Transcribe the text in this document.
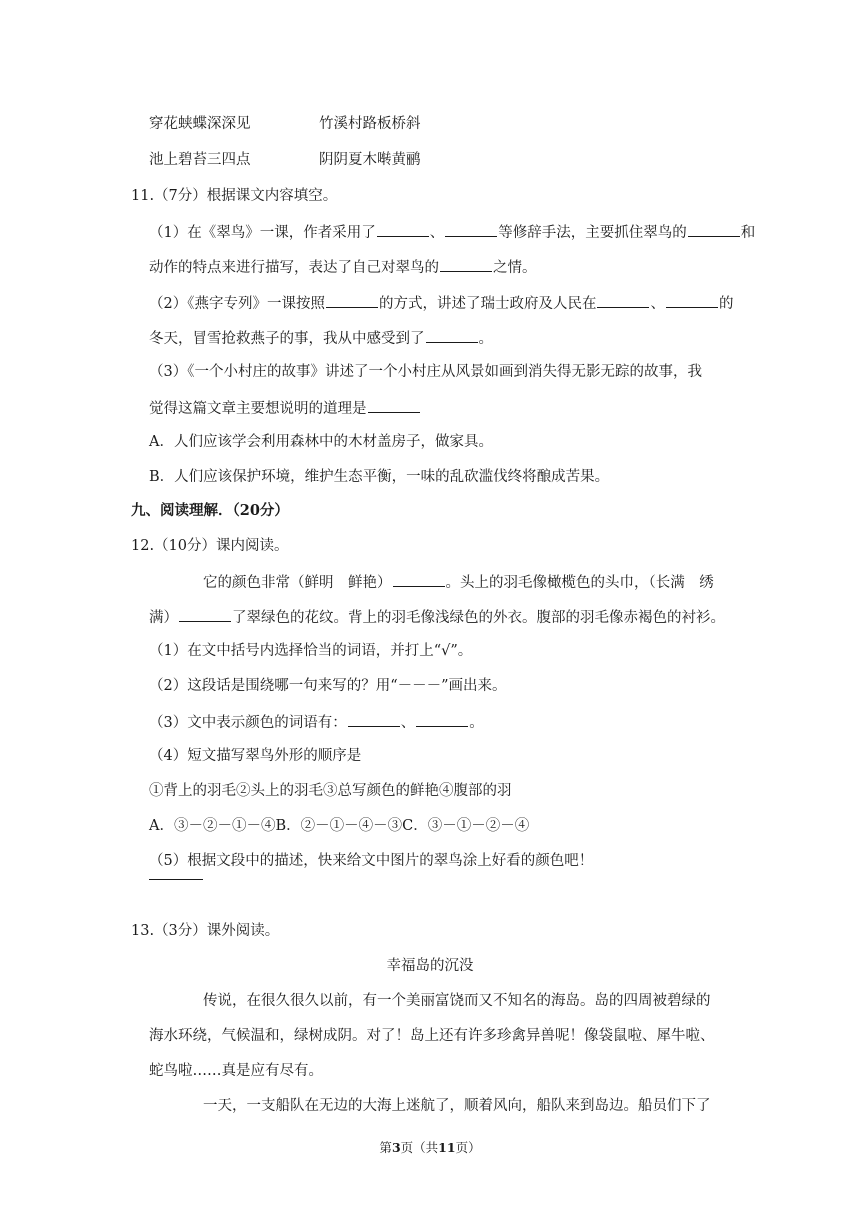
穿花蛱蝶深深见	竹溪村路板桥斜
池上碧苔三四点	阴阴夏木啭黄鹂
11.（7分）根据课文内容填空。
（1）在《翠鸟》一课，作者采用了	、	等修辞手法，主要抓住翠鸟的	和
动作的特点来进行描写，表达了自己对翠鸟的	之情。
（2）《燕字专列》一课按照	的方式，讲述了瑞士政府及人民在	、	的
冬天，冒雪抢救燕子的事，我从中感受到了	。
（3）《一个小村庄的故事》讲述了一个小村庄从风景如画到消失得无影无踪的故事，我
觉得这篇文章主要想说明的道理是
A．人们应该学会利用森林中的木材盖房子，做家具。
B．人们应该保护环境，维护生态平衡，一味的乱砍滥伐终将酿成苦果。
九、阅读理解．（20分）
12.（10分）课内阅读。
它的颜色非常（鲜明　鲜艳）	。头上的羽毛像橄榄色的头巾，（长满　绣
满）	了翠绿色的花纹。背上的羽毛像浅绿色的外衣。腹部的羽毛像赤褐色的衬衫。
（1）在文中括号内选择恰当的词语，并打上“√”。
（2）这段话是围绕哪一句来写的？用“－－－”画出来。
（3）文中表示颜色的词语有：	、	。
（4）短文描写翠鸟外形的顺序是
①背上的羽毛②头上的羽毛③总写颜色的鲜艳④腹部的羽
A．③－②－①－④B．②－①－④－③C．③－①－②－④
（5）根据文段中的描述，快来给文中图片的翠鸟涂上好看的颜色吧！
13.（3分）课外阅读。
幸福岛的沉没
传说，在很久很久以前，有一个美丽富饶而又不知名的海岛。岛的四周被碧绿的
海水环绕，气候温和，绿树成阴。对了！岛上还有许多珍禽异兽呢！像袋鼠啦、犀牛啦、
蛇鸟啦……真是应有尽有。
一天，一支船队在无边的大海上迷航了，顺着风向，船队来到岛边。船员们下了
第3页（共11页）
